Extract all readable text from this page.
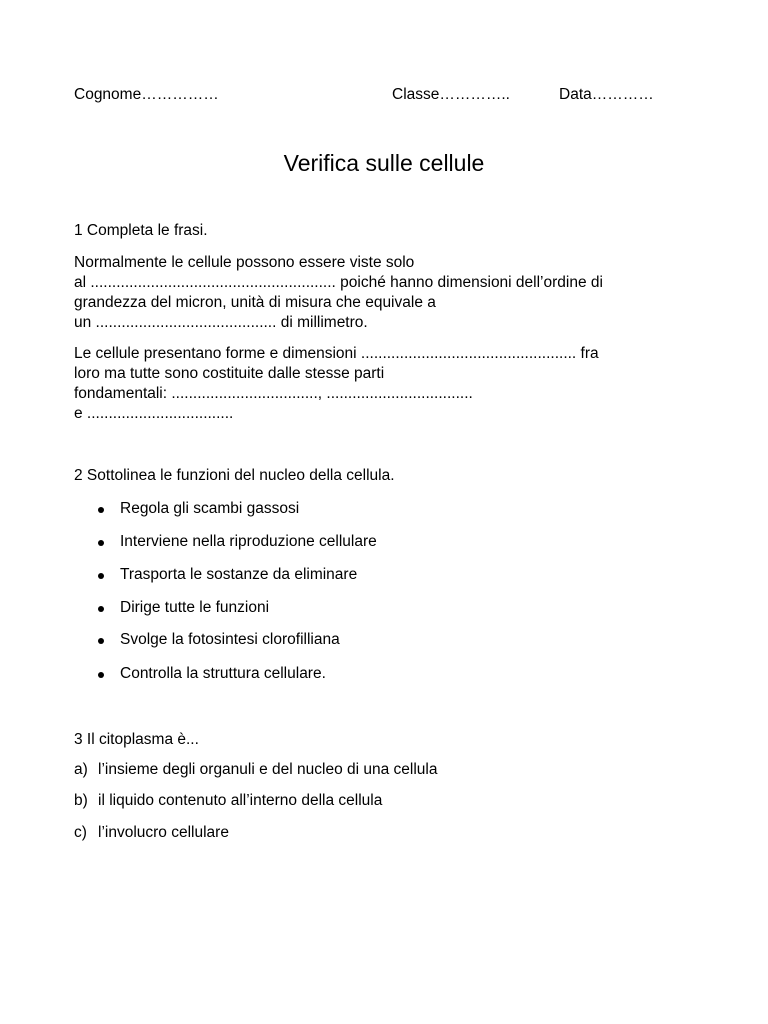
Cognome……………	Classe…………..	Data…………
Verifica sulle cellule
1 Completa le frasi.
Normalmente le cellule possono essere viste solo
al ......................................................... poiché hanno dimensioni dell’ordine di
grandezza del micron, unità di misura che equivale a
un .......................................... di millimetro.
Le cellule presentano forme e dimensioni .................................................. fra
loro ma tutte sono costituite dalle stesse parti
fondamentali: .................................., ..................................
e ..................................
2 Sottolinea le funzioni del nucleo della cellula.
Regola gli scambi gassosi
Interviene nella riproduzione cellulare
Trasporta le sostanze da eliminare
Dirige tutte le funzioni
Svolge la fotosintesi clorofilliana
Controlla la struttura cellulare.
3 Il citoplasma è...
a) l’insieme degli organuli e del nucleo di una cellula
b) il liquido contenuto all’interno della cellula
c) l’involucro cellulare
